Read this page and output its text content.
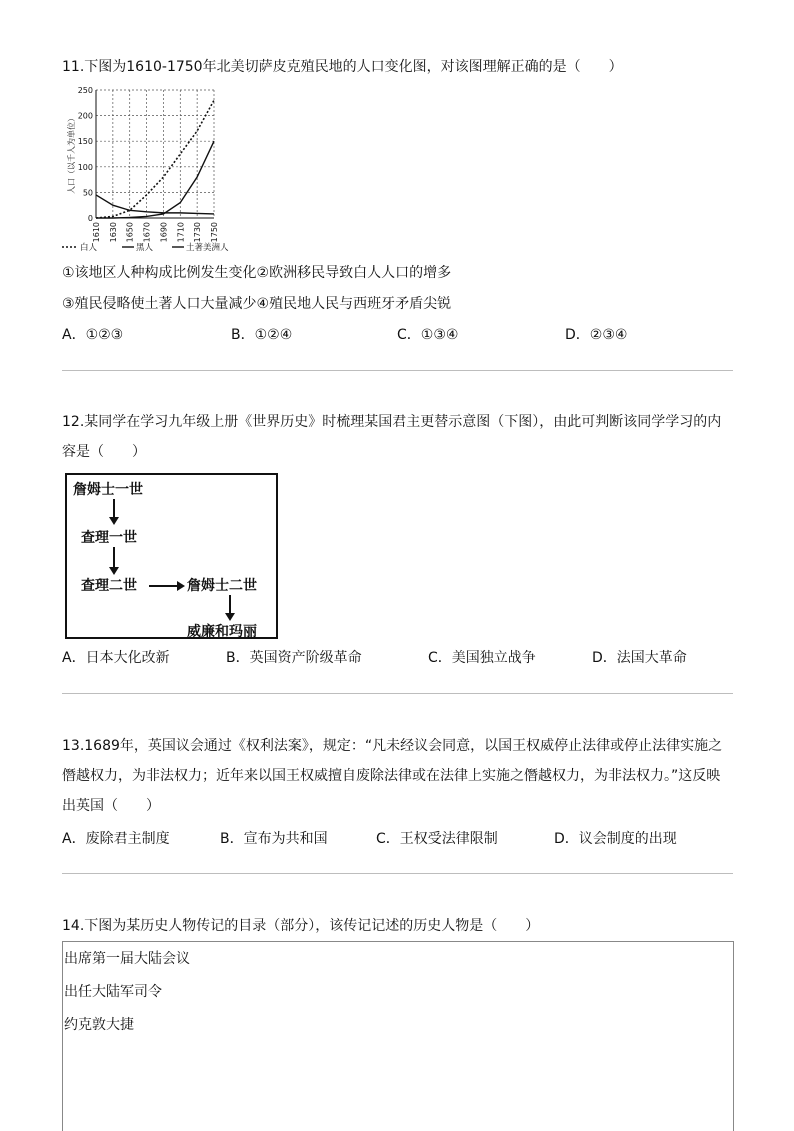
11.下图为1610-1750年北美切萨皮克殖民地的人口变化图，对该图理解正确的是（　　）

0
50
100
150
200
250
1610 1630 1650 1670 1690 1710 1730 1750
人口（以千人为单位）
白人	黑人	土著美洲人
①该地区人种构成比例发生变化②欧洲移民导致白人人口的增多
③殖民侵略使土著人口大量减少④殖民地人民与西班牙矛盾尖锐
A．①②③	B．①②④	C．①③④	D．②③④

12.某同学在学习九年级上册《世界历史》时梳理某国君主更替示意图（下图），由此可判断该同学学习的内

容是（　　）

詹姆士一世
查理一世
查理二世	詹姆士二世
威廉和玛丽
A．日本大化改新	B．英国资产阶级革命	C．美国独立战争	D．法国大革命

13.1689年，英国议会通过《权利法案》，规定：“凡未经议会同意，以国王权威停止法律或停止法律实施之

僭越权力，为非法权力；近年来以国王权威擅自废除法律或在法律上实施之僭越权力，为非法权力。”这反映

出英国（　　）

A．废除君主制度	B．宣布为共和国	C．王权受法律限制	D．议会制度的出现

14.下图为某历史人物传记的目录（部分），该传记记述的历史人物是（　　）

出席第一届大陆会议
出任大陆军司令
约克敦大捷
